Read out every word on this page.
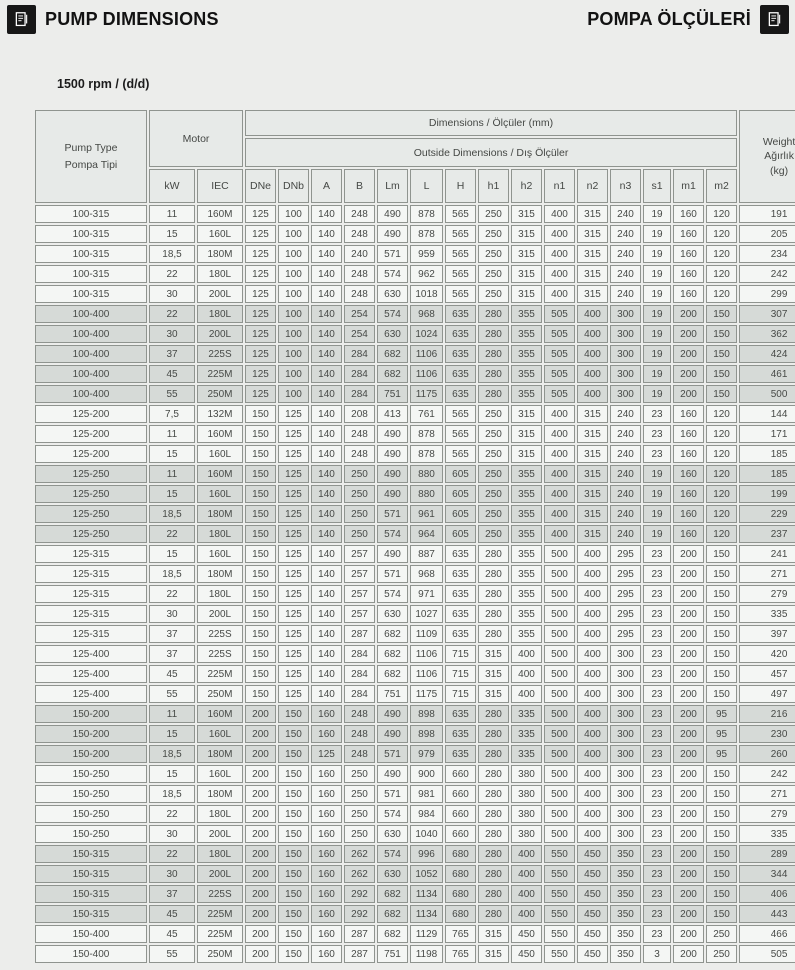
PUMP DIMENSIONS	POMPA ÖLÇÜLERİ
1500 rpm / (d/d)
Pump Type
Pompa Tipi
	Motor	Dimensions / Ölçüler (mm)	
Weight
Ağırlık
(kg)

			Outside Dimensions / Dış Ölçüler															
	kW	IEC	DNe	DNb	A	B	Lm	L	H	h1	h2	n1	n2	n3	s1	m1	m2	
100-315	11	160M	125	100	140	248	490	878	565	250	315	400	315	240	19	160	120	191
100-315	15	160L	125	100	140	248	490	878	565	250	315	400	315	240	19	160	120	205
100-315	18,5	180M	125	100	140	240	571	959	565	250	315	400	315	240	19	160	120	234
100-315	22	180L	125	100	140	248	574	962	565	250	315	400	315	240	19	160	120	242
100-315	30	200L	125	100	140	248	630	1018	565	250	315	400	315	240	19	160	120	299
100-400	22	180L	125	100	140	254	574	968	635	280	355	505	400	300	19	200	150	307
100-400	30	200L	125	100	140	254	630	1024	635	280	355	505	400	300	19	200	150	362
100-400	37	225S	125	100	140	284	682	1106	635	280	355	505	400	300	19	200	150	424
100-400	45	225M	125	100	140	284	682	1106	635	280	355	505	400	300	19	200	150	461
100-400	55	250M	125	100	140	284	751	1175	635	280	355	505	400	300	19	200	150	500
125-200	7,5	132M	150	125	140	208	413	761	565	250	315	400	315	240	23	160	120	144
125-200	11	160M	150	125	140	248	490	878	565	250	315	400	315	240	23	160	120	171
125-200	15	160L	150	125	140	248	490	878	565	250	315	400	315	240	23	160	120	185
125-250	11	160M	150	125	140	250	490	880	605	250	355	400	315	240	19	160	120	185
125-250	15	160L	150	125	140	250	490	880	605	250	355	400	315	240	19	160	120	199
125-250	18,5	180M	150	125	140	250	571	961	605	250	355	400	315	240	19	160	120	229
125-250	22	180L	150	125	140	250	574	964	605	250	355	400	315	240	19	160	120	237
125-315	15	160L	150	125	140	257	490	887	635	280	355	500	400	295	23	200	150	241
125-315	18,5	180M	150	125	140	257	571	968	635	280	355	500	400	295	23	200	150	271
125-315	22	180L	150	125	140	257	574	971	635	280	355	500	400	295	23	200	150	279
125-315	30	200L	150	125	140	257	630	1027	635	280	355	500	400	295	23	200	150	335
125-315	37	225S	150	125	140	287	682	1109	635	280	355	500	400	295	23	200	150	397
125-400	37	225S	150	125	140	284	682	1106	715	315	400	500	400	300	23	200	150	420
125-400	45	225M	150	125	140	284	682	1106	715	315	400	500	400	300	23	200	150	457
125-400	55	250M	150	125	140	284	751	1175	715	315	400	500	400	300	23	200	150	497
150-200	11	160M	200	150	160	248	490	898	635	280	335	500	400	300	23	200	95	216
150-200	15	160L	200	150	160	248	490	898	635	280	335	500	400	300	23	200	95	230
150-200	18,5	180M	200	150	125	248	571	979	635	280	335	500	400	300	23	200	95	260
150-250	15	160L	200	150	160	250	490	900	660	280	380	500	400	300	23	200	150	242
150-250	18,5	180M	200	150	160	250	571	981	660	280	380	500	400	300	23	200	150	271
150-250	22	180L	200	150	160	250	574	984	660	280	380	500	400	300	23	200	150	279
150-250	30	200L	200	150	160	250	630	1040	660	280	380	500	400	300	23	200	150	335
150-315	22	180L	200	150	160	262	574	996	680	280	400	550	450	350	23	200	150	289
150-315	30	200L	200	150	160	262	630	1052	680	280	400	550	450	350	23	200	150	344
150-315	37	225S	200	150	160	292	682	1134	680	280	400	550	450	350	23	200	150	406
150-315	45	225M	200	150	160	292	682	1134	680	280	400	550	450	350	23	200	150	443
150-400	45	225M	200	150	160	287	682	1129	765	315	450	550	450	350	23	200	250	466
150-400	55	250M	200	150	160	287	751	1198	765	315	450	550	450	350	3	200	250	505
